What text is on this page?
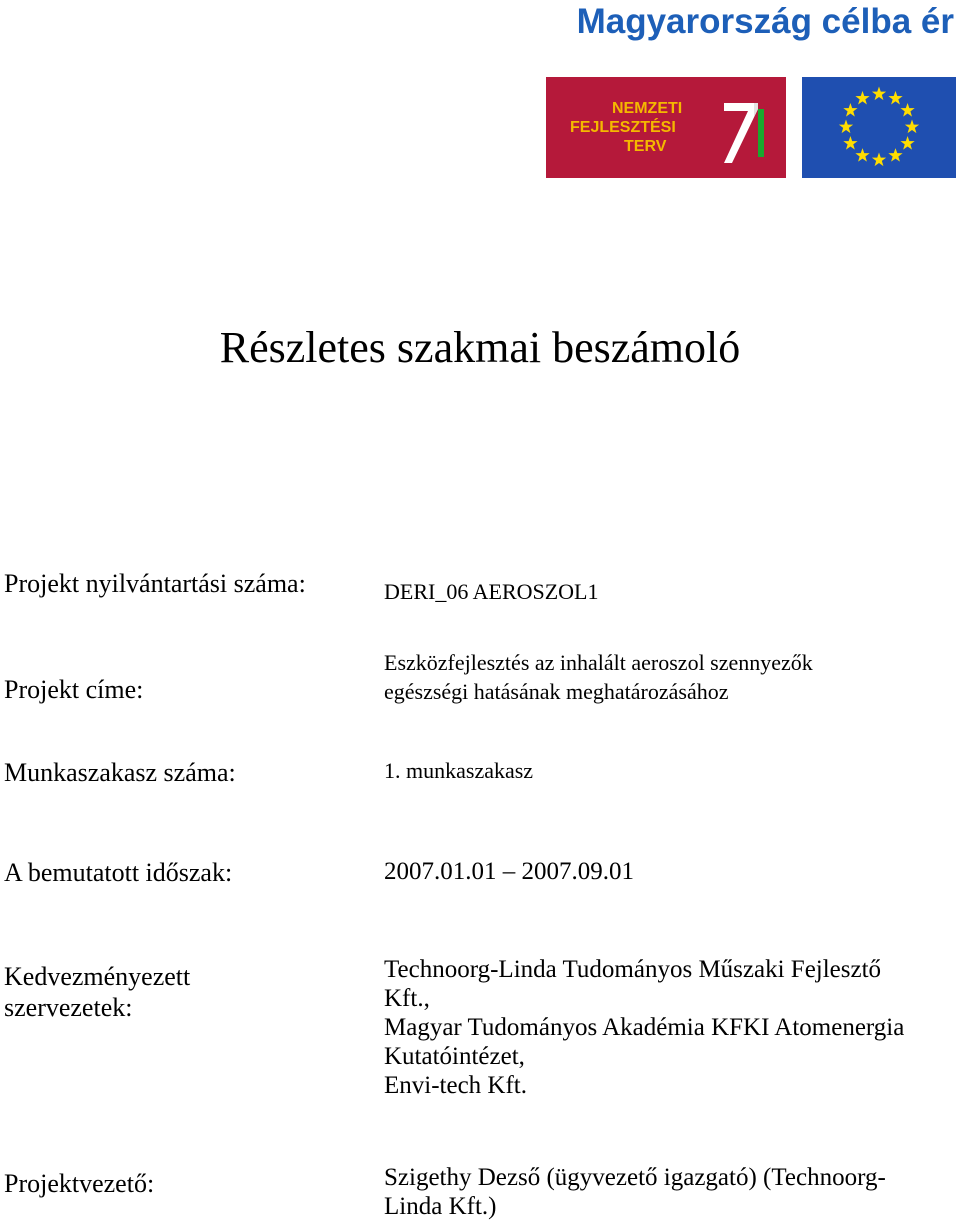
Magyarország célba ér
NEMZETI
FEJLESZTÉSI
TERV
Részletes szakmai beszámoló
Projekt nyilvántartási száma:	DERI_06 AEROSZOL1
Projekt címe:
Eszközfejlesztés az inhalált aeroszol szennyezők
egészségi hatásának meghatározásához
Munkaszakasz száma:	1. munkaszakasz
A bemutatott időszak:	2007.01.01 – 2007.09.01
Kedvezményezett
szervezetek:
Technoorg-Linda Tudományos Műszaki Fejlesztő
Kft.,
Magyar Tudományos Akadémia KFKI Atomenergia
Kutatóintézet,
Envi-tech Kft.
Projektvezető:	Szigethy Dezső (ügyvezető igazgató) (Technoorg-
Linda Kft.)
